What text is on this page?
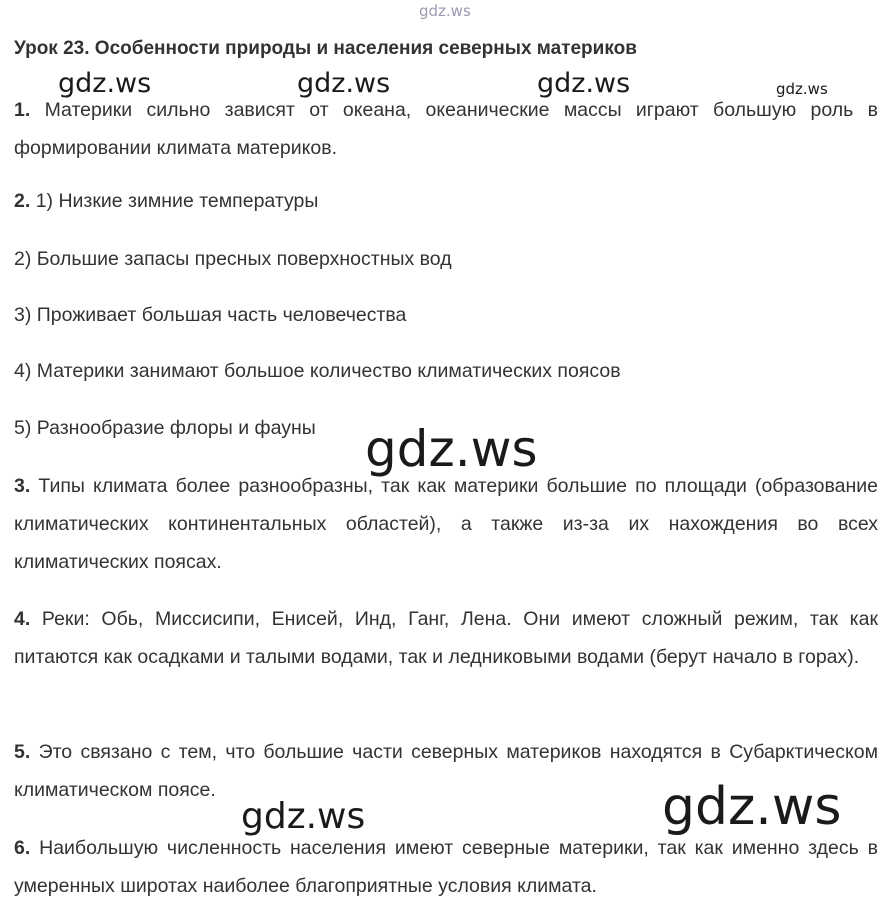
gdz.ws
Урок 23. Особенности природы и населения северных материков
1. Материки сильно зависят от океана, океанические массы играют большую роль в формировании климата материков.
2. 1) Низкие зимние температуры
2) Большие запасы пресных поверхностных вод
3) Проживает большая часть человечества
4) Материки занимают большое количество климатических поясов
5) Разнообразие флоры и фауны
3. Типы климата более разнообразны, так как материки большие по площади (образование климатических континентальных областей), а также из-за их нахождения во всех климатических поясах.
4. Реки: Обь, Миссисипи, Енисей, Инд, Ганг, Лена. Они имеют сложный режим, так как питаются как осадками и талыми водами, так и ледниковыми водами (берут начало в горах).
5. Это связано с тем, что большие части северных материков находятся в Субарктическом климатическом поясе.
6. Наибольшую численность населения имеют северные материки, так как именно здесь в умеренных широтах наиболее благоприятные условия климата.
gdz.ws	gdz.ws	gdz.ws	gdz.ws
gdz.ws
gdz.ws	gdz.ws
